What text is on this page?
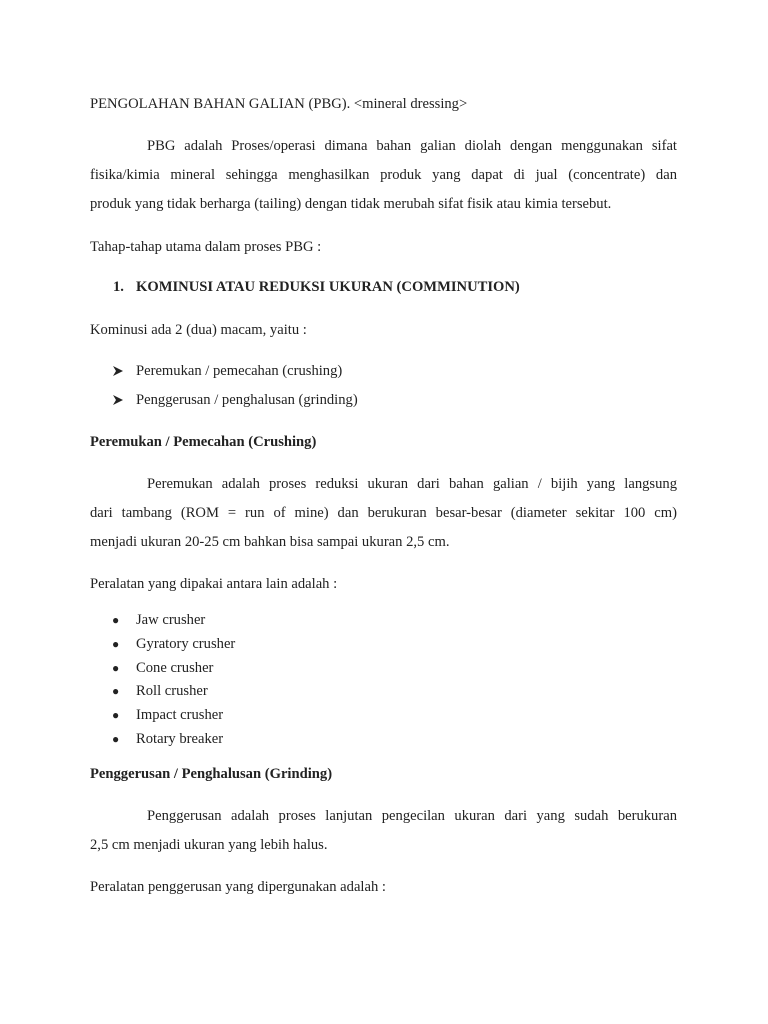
PENGOLAHAN BAHAN GALIAN (PBG). <mineral dressing>
PBG adalah Proses/operasi dimana bahan galian diolah dengan menggunakan sifat
fisika/kimia mineral sehingga menghasilkan produk yang dapat di jual (concentrate) dan
produk yang tidak berharga (tailing) dengan tidak merubah sifat fisik atau kimia tersebut.
Tahap-tahap utama dalam proses PBG :
1. KOMINUSI ATAU REDUKSI UKURAN (COMMINUTION)
Kominusi ada 2 (dua) macam, yaitu :
Peremukan / pemecahan (crushing)
Penggerusan / penghalusan (grinding)
Peremukan / Pemecahan (Crushing)
Peremukan adalah proses reduksi ukuran dari bahan galian / bijih yang langsung
dari tambang (ROM = run of mine) dan berukuran besar-besar (diameter sekitar 100 cm)
menjadi ukuran 20-25 cm bahkan bisa sampai ukuran 2,5 cm.
Peralatan yang dipakai antara lain adalah :
● Jaw crusher
● Gyratory crusher
● Cone crusher
● Roll crusher
● Impact crusher
● Rotary breaker
Penggerusan / Penghalusan (Grinding)
Penggerusan adalah proses lanjutan pengecilan ukuran dari yang sudah berukuran
2,5 cm menjadi ukuran yang lebih halus.
Peralatan penggerusan yang dipergunakan adalah :
